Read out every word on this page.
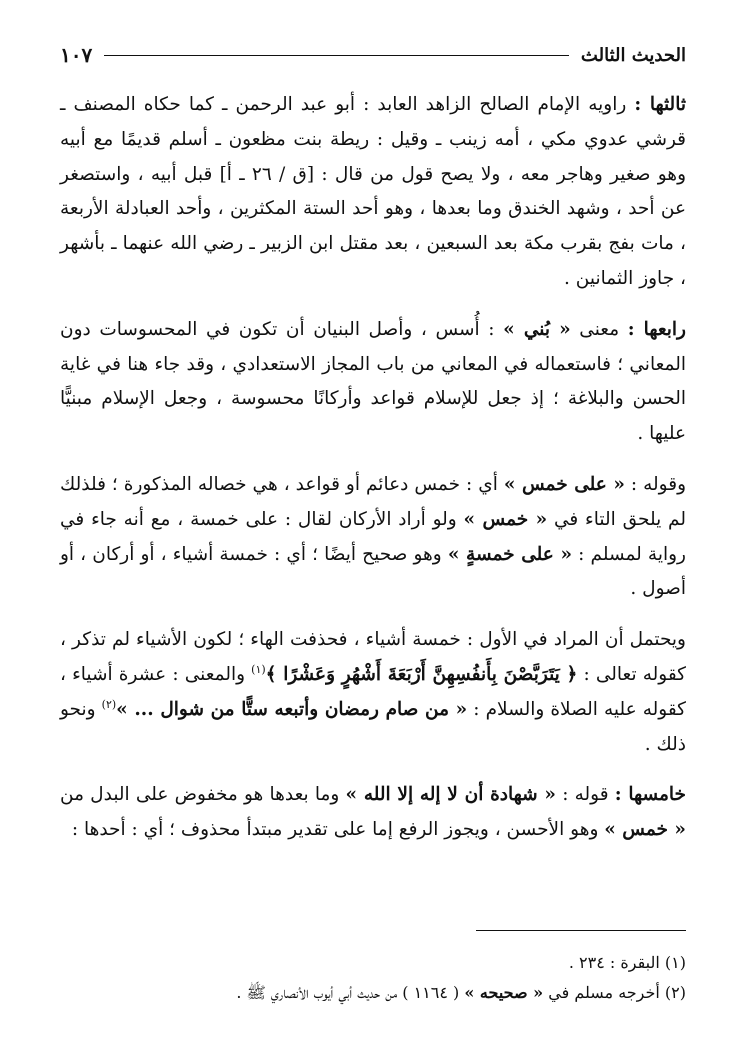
الحديث الثالث
١٠٧

ثالثها : راويه الإمام الصالح الزاهد العابد : أبو عبد الرحمن ـ كما حكاه المصنف ـ قرشي عدوي مكي ، أمه زينب ـ وقيل : ريطة بنت مظعون ـ أسلم قديمًا مع أبيه وهو صغير وهاجر معه ، ولا يصح قول من قال : [ق / ٢٦ ـ أ] قبل أبيه ، واستصغر عن أحد ، وشهد الخندق وما بعدها ، وهو أحد الستة المكثرين ، وأحد العبادلة الأربعة ، مات بفج بقرب مكة بعد السبعين ، بعد مقتل ابن الزبير ـ رضي الله عنهما ـ بأشهر ، جاوز الثمانين .

رابعها : معنى « بُني » : أُسس ، وأصل البنيان أن تكون في المحسوسات دون المعاني ؛ فاستعماله في المعاني من باب المجاز الاستعدادي ، وقد جاء هنا في غاية الحسن والبلاغة ؛ إذ جعل للإسلام قواعد وأركانًا محسوسة ، وجعل الإسلام مبنيًّا عليها .

وقوله : « على خمس » أي : خمس دعائم أو قواعد ، هي خصاله المذكورة ؛ فلذلك لم يلحق التاء في « خمس » ولو أراد الأركان لقال : على خمسة ، مع أنه جاء في رواية لمسلم : « على خمسةٍ » وهو صحيح أيضًا ؛ أي : خمسة أشياء ، أو أركان ، أو أصول .

ويحتمل أن المراد في الأول : خمسة أشياء ، فحذفت الهاء ؛ لكون الأشياء لم تذكر ، كقوله تعالى : ﴿ يَتَرَبَّصْنَ بِأَنفُسِهِنَّ أَرْبَعَةَ أَشْهُرٍ وَعَشْرًا ﴾$^{(١)}$ والمعنى : عشرة أشياء ، كقوله عليه الصلاة والسلام : « من صام رمضان وأتبعه ستًّا من شوال ... »$^{(٢)}$ ونحو ذلك .

خامسها : قوله : « شهادة أن لا إله إلا الله » وما بعدها هو مخفوض على البدل من « خمس » وهو الأحسن ، ويجوز الرفع إما على تقدير مبتدأ محذوف ؛ أي : أحدها :

(١) البقرة : ٢٣٤ .
(٢) أخرجه مسلم في « صحيحه » ( ١١٦٤ ) من حديث أبي أيوب الأنصاري ﷺ .
